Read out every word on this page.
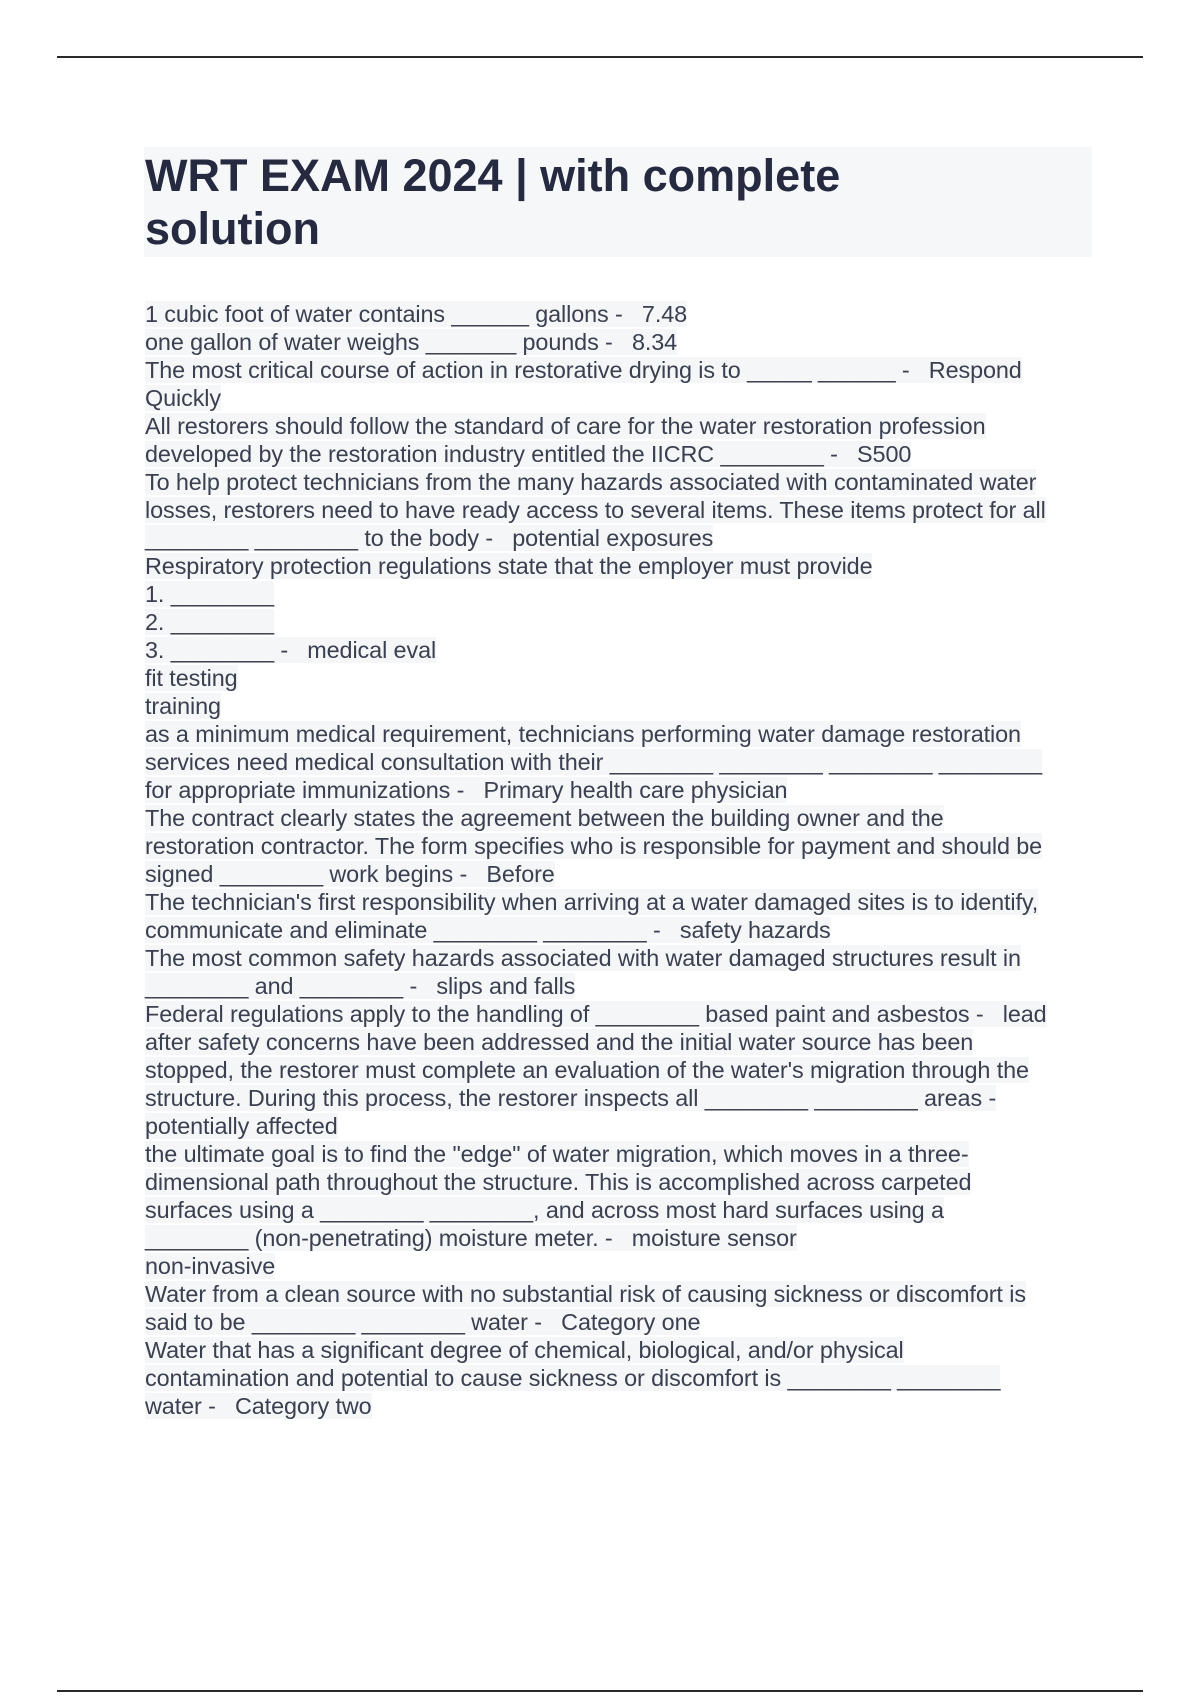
WRT EXAM 2024 | with complete
solution
1 cubic foot of water contains ______ gallons -   7.48
one gallon of water weighs _______ pounds -   8.34
The most critical course of action in restorative drying is to _____ ______ -   Respond
Quickly
All restorers should follow the standard of care for the water restoration profession
developed by the restoration industry entitled the IICRC ________ -   S500
To help protect technicians from the many hazards associated with contaminated water
losses, restorers need to have ready access to several items. These items protect for all
________ ________ to the body -   potential exposures
Respiratory protection regulations state that the employer must provide
1. ________
2. ________
3. ________ -   medical eval
fit testing
training
as a minimum medical requirement, technicians performing water damage restoration
services need medical consultation with their ________ ________ ________ ________
for appropriate immunizations -   Primary health care physician
The contract clearly states the agreement between the building owner and the
restoration contractor. The form specifies who is responsible for payment and should be
signed ________ work begins -   Before
The technician's first responsibility when arriving at a water damaged sites is to identify,
communicate and eliminate ________ ________ -   safety hazards
The most common safety hazards associated with water damaged structures result in
________ and ________ -   slips and falls
Federal regulations apply to the handling of ________ based paint and asbestos -   lead
after safety concerns have been addressed and the initial water source has been
stopped, the restorer must complete an evaluation of the water's migration through the
structure. During this process, the restorer inspects all ________ ________ areas -
potentially affected
the ultimate goal is to find the "edge" of water migration, which moves in a three-
dimensional path throughout the structure. This is accomplished across carpeted
surfaces using a ________ ________, and across most hard surfaces using a
________ (non-penetrating) moisture meter. -   moisture sensor
non-invasive
Water from a clean source with no substantial risk of causing sickness or discomfort is
said to be ________ ________ water -   Category one
Water that has a significant degree of chemical, biological, and/or physical
contamination and potential to cause sickness or discomfort is ________ ________
water -   Category two
